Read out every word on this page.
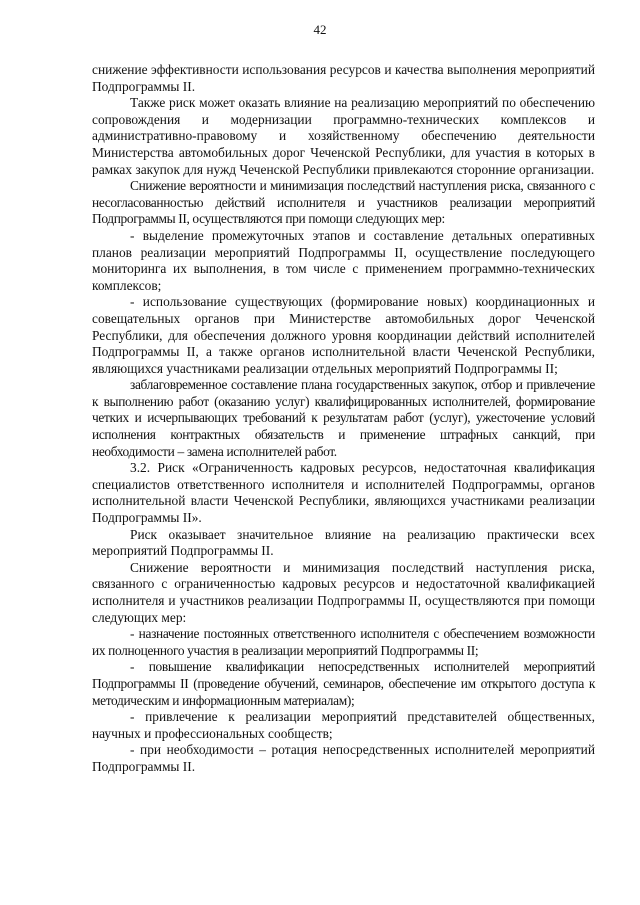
42

снижение эффективности использования ресурсов и качества выполнения мероприятий Подпрограммы II.

Также риск может оказать влияние на реализацию мероприятий по обеспечению сопровождения и модернизации программно-технических комплексов и административно-правовому и хозяйственному обеспечению деятельности Министерства автомобильных дорог Чеченской Республики, для участия в которых в рамках закупок для нужд Чеченской Республики привлекаются сторонние организации.

Снижение вероятности и минимизация последствий наступления риска, связанного с несогласованностью действий исполнителя и участников реализации мероприятий Подпрограммы II, осуществляются при помощи следующих мер:

- выделение промежуточных этапов и составление детальных оперативных планов реализации мероприятий Подпрограммы II, осуществление последующего мониторинга их выполнения, в том числе с применением программно-технических комплексов;

- использование существующих (формирование новых) координационных и совещательных органов при Министерстве автомобильных дорог Чеченской Республики, для обеспечения должного уровня координации действий исполнителей Подпрограммы II, а также органов исполнительной власти Чеченской Республики, являющихся участниками реализации отдельных мероприятий Подпрограммы II;

заблаговременное составление плана государственных закупок, отбор и привлечение к выполнению работ (оказанию услуг) квалифицированных исполнителей, формирование четких и исчерпывающих требований к результатам работ (услуг), ужесточение условий исполнения контрактных обязательств и применение штрафных санкций, при необходимости – замена исполнителей работ.

3.2. Риск «Ограниченность кадровых ресурсов, недостаточная квалификация специалистов ответственного исполнителя и исполнителей Подпрограммы, органов исполнительной власти Чеченской Республики, являющихся участниками реализации Подпрограммы II».

Риск оказывает значительное влияние на реализацию практически всех мероприятий Подпрограммы II.

Снижение вероятности и минимизация последствий наступления риска, связанного с ограниченностью кадровых ресурсов и недостаточной квалификацией исполнителя и участников реализации Подпрограммы II, осуществляются при помощи следующих мер:

- назначение постоянных ответственного исполнителя с обеспечением возможности их полноценного участия в реализации мероприятий Подпрограммы II;

- повышение квалификации непосредственных исполнителей мероприятий Подпрограммы II (проведение обучений, семинаров, обеспечение им открытого доступа к методическим и информационным материалам);

- привлечение к реализации мероприятий представителей общественных, научных и профессиональных сообществ;

- при необходимости – ротация непосредственных исполнителей мероприятий Подпрограммы II.
